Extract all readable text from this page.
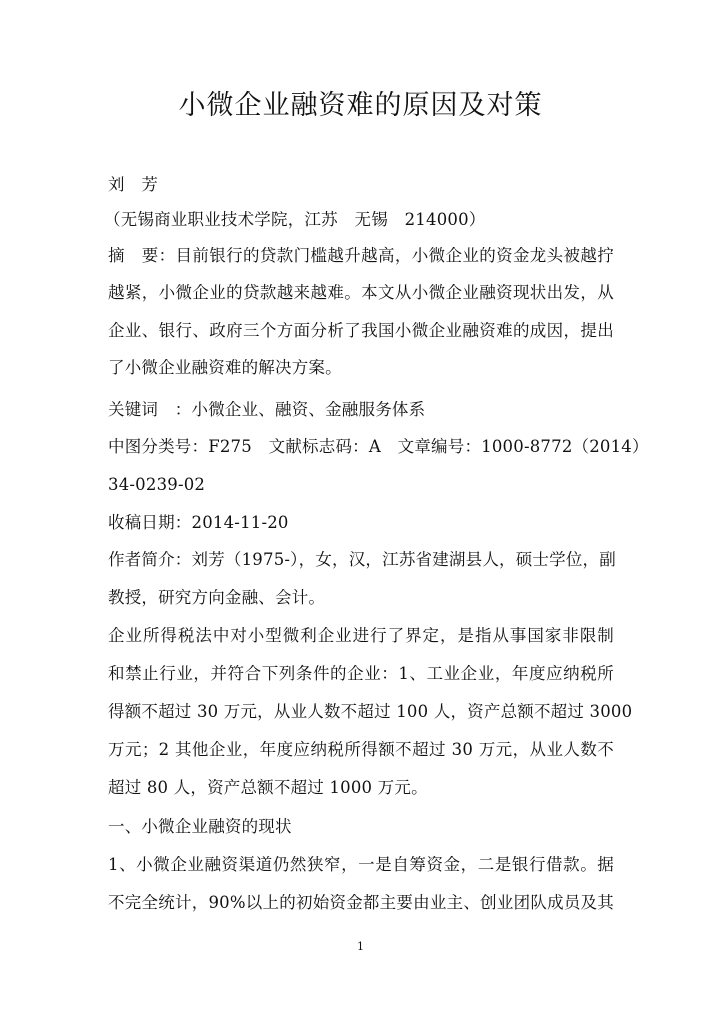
小微企业融资难的原因及对策
刘　芳
（无锡商业职业技术学院，江苏　无锡　214000）
摘　要：目前银行的贷款门槛越升越高，小微企业的资金龙头被越拧
越紧，小微企业的贷款越来越难。本文从小微企业融资现状出发，从
企业、银行、政府三个方面分析了我国小微企业融资难的成因，提出
了小微企业融资难的解决方案。
关键词　：小微企业、融资、金融服务体系
中图分类号：F275　文献标志码：A　文章编号：1000-8772（2014）
34-0239-02
收稿日期：2014-11-20
作者简介：刘芳（1975-），女，汉，江苏省建湖县人，硕士学位，副
教授，研究方向金融、会计。
企业所得税法中对小型微利企业进行了界定，是指从事国家非限制
和禁止行业，并符合下列条件的企业：1、工业企业，年度应纳税所
得额不超过 30 万元，从业人数不超过 100 人，资产总额不超过 3000
万元；2 其他企业，年度应纳税所得额不超过 30 万元，从业人数不
超过 80 人，资产总额不超过 1000 万元。
一、小微企业融资的现状
1、小微企业融资渠道仍然狭窄，一是自筹资金，二是银行借款。据
不完全统计，90%以上的初始资金都主要由业主、创业团队成员及其
1
